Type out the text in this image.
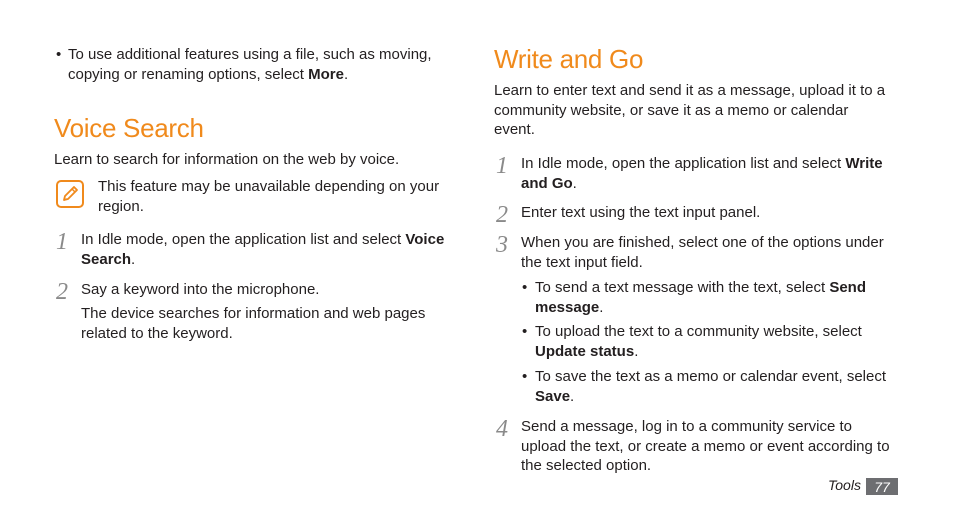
• To use additional features using a file, such as moving, copying or renaming options, select More.

Voice Search

Learn to search for information on the web by voice.

This feature may be unavailable depending on your region.

1 In Idle mode, open the application list and select Voice Search.

2 Say a keyword into the microphone.

The device searches for information and web pages related to the keyword.

Write and Go

Learn to enter text and send it as a message, upload it to a community website, or save it as a memo or calendar event.

1 In Idle mode, open the application list and select Write and Go.

2 Enter text using the text input panel.

3 When you are finished, select one of the options under the text input field.

• To send a text message with the text, select Send message.

• To upload the text to a community website, select Update status.

• To save the text as a memo or calendar event, select Save.

4 Send a message, log in to a community service to upload the text, or create a memo or event according to the selected option.

Tools 77
